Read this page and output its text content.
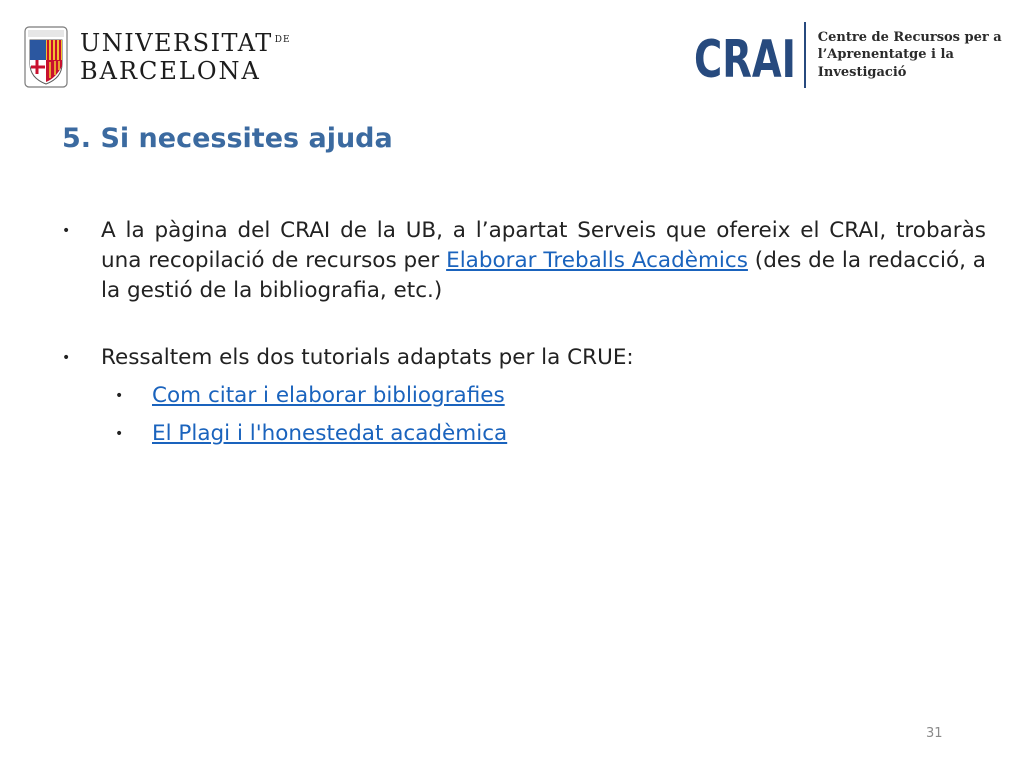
UNIVERSITAT DE
BARCELONA	CRAI Centre de Recursos per a
l’Aprenentatge i la Investigació
5. Si necessites ajuda
• A la pàgina del CRAI de la UB, a l’apartat Serveis que ofereix el CRAI, trobaràs una recopilació de recursos per Elaborar Treballs Acadèmics (des de la redacció, a la gestió de la bibliografia, etc.)
• Ressaltem els dos tutorials adaptats per la CRUE:
• Com citar i elaborar bibliografies
• El Plagi i l'honestedat acadèmica
31
